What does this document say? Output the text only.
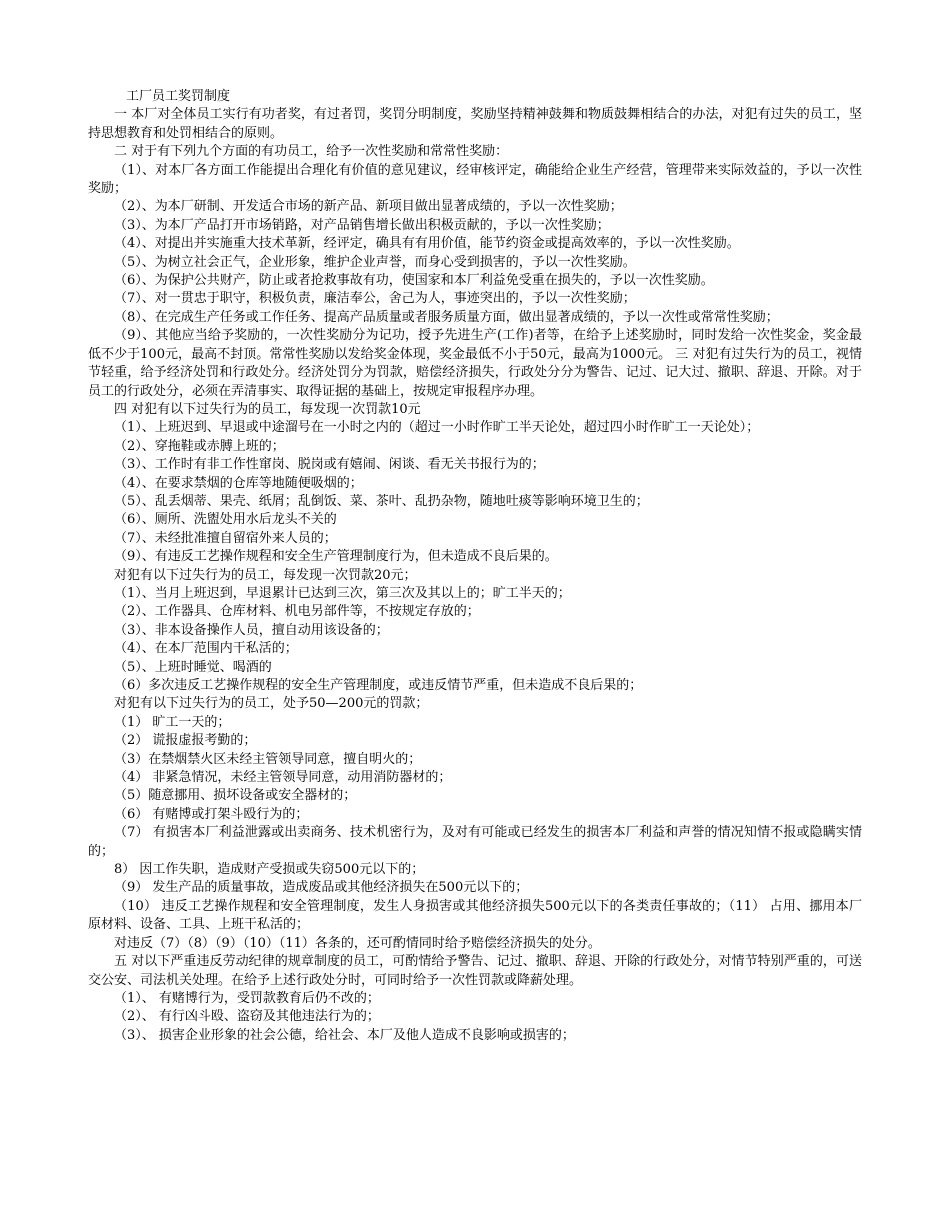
工厂员工奖罚制度

一 本厂对全体员工实行有功者奖，有过者罚，奖罚分明制度，奖励坚持精神鼓舞和物质鼓舞相结合的办法，对犯有过失的员工，坚持思想教育和处罚相结合的原则。

二 对于有下列九个方面的有功员工，给予一次性奖励和常常性奖励：

（1）、对本厂各方面工作能提出合理化有价值的意见建议，经审核评定，确能给企业生产经营，管理带来实际效益的，予以一次性奖励；

（2）、为本厂研制、开发适合市场的新产品、新项目做出显著成绩的，予以一次性奖励；

（3）、为本厂产品打开市场销路，对产品销售增长做出积极贡献的，予以一次性奖励；

（4）、对提出并实施重大技术革新，经评定，确具有有用价值，能节约资金或提高效率的，予以一次性奖励。

（5）、为树立社会正气，企业形象，维护企业声誉，而身心受到损害的，予以一次性奖励。

（6）、为保护公共财产，防止或者抢救事故有功，使国家和本厂利益免受重在损失的，予以一次性奖励。

（7）、对一贯忠于职守，积极负责，廉洁奉公，舍己为人，事迹突出的，予以一次性奖励；

（8）、在完成生产任务或工作任务、提高产品质量或者服务质量方面，做出显著成绩的，予以一次性或常常性奖励；

（9）、其他应当给予奖励的，一次性奖励分为记功，授予先进生产(工作)者等，在给予上述奖励时，同时发给一次性奖金，奖金最低不少于100元，最高不封顶。常常性奖励以发给奖金体现，奖金最低不小于50元，最高为1000元。 三 对犯有过失行为的员工，视情节轻重，给予经济处罚和行政处分。经济处罚分为罚款，赔偿经济损失，行政处分分为警告、记过、记大过、撤职、辞退、开除。对于员工的行政处分，必须在弄清事实、取得证据的基础上，按规定审报程序办理。

四 对犯有以下过失行为的员工，每发现一次罚款10元

（1）、上班迟到、早退或中途溜号在一小时之内的（超过一小时作旷工半天论处，超过四小时作旷工一天论处）；

（2）、穿拖鞋或赤膊上班的；

（3）、工作时有非工作性窜岗、脱岗或有嬉闹、闲谈、看无关书报行为的；

（4）、在要求禁烟的仓库等地随便吸烟的；

（5）、乱丢烟蒂、果壳、纸屑；乱倒饭、菜、茶叶、乱扔杂物，随地吐痰等影响环境卫生的；

（6）、厕所、洗盥处用水后龙头不关的

（7）、未经批准擅自留宿外来人员的；

（9）、有违反工艺操作规程和安全生产管理制度行为，但未造成不良后果的。

对犯有以下过失行为的员工，每发现一次罚款20元；

（1）、当月上班迟到，早退累计已达到三次，第三次及其以上的；旷工半天的；

（2）、工作器具、仓库材料、机电另部件等，不按规定存放的；

（3）、非本设备操作人员，擅自动用该设备的；

（4）、在本厂范围内干私活的；

（5）、上班时睡觉、喝酒的

（6）多次违反工艺操作规程的安全生产管理制度，或违反情节严重，但未造成不良后果的；

对犯有以下过失行为的员工，处予50—200元的罚款；

（1） 旷工一天的；

（2） 谎报虚报考勤的；

（3）在禁烟禁火区未经主管领导同意，擅自明火的；

（4） 非紧急情况，未经主管领导同意，动用消防器材的；

（5）随意挪用、损坏设备或安全器材的；

（6） 有赌博或打架斗殴行为的；

（7） 有损害本厂利益泄露或出卖商务、技术机密行为，及对有可能或已经发生的损害本厂利益和声誉的情况知情不报或隐瞒实情的；

8） 因工作失职，造成财产受损或失窃500元以下的；

（9） 发生产品的质量事故，造成废品或其他经济损失在500元以下的；

（10） 违反工艺操作规程和安全管理制度，发生人身损害或其他经济损失500元以下的各类责任事故的；（11） 占用、挪用本厂原材料、设备、工具、上班干私活的；

对违反（7）（8）（9）（10）（11）各条的，还可酌情同时给予赔偿经济损失的处分。

五 对以下严重违反劳动纪律的规章制度的员工，可酌情给予警告、记过、撤职、辞退、开除的行政处分，对情节特别严重的，可送交公安、司法机关处理。在给予上述行政处分时，可同时给予一次性罚款或降薪处理。

（1）、 有赌博行为，受罚款教育后仍不改的；

（2）、 有行凶斗殴、盗窃及其他违法行为的；

（3）、 损害企业形象的社会公德，给社会、本厂及他人造成不良影响或损害的；
